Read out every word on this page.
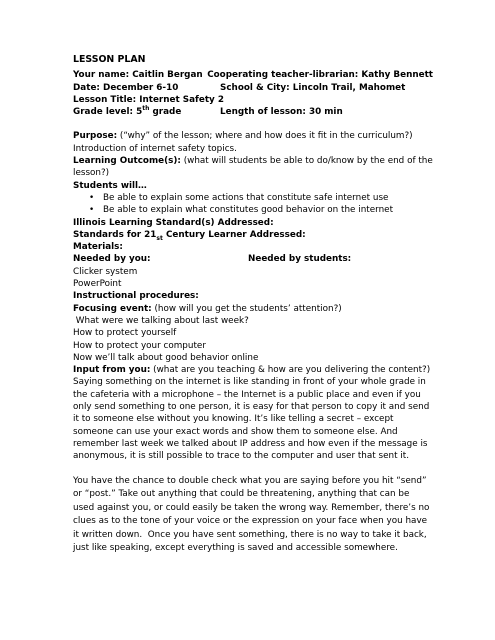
LESSON PLAN
Your name: Caitlin Bergan Cooperating teacher-librarian: Kathy Bennett
Date: December 6-10	School & City: Lincoln Trail, Mahomet
Lesson Title: Internet Safety 2
Grade level: 5th grade	Length of lesson: 30 min
Purpose: (“why” of the lesson; where and how does it fit in the curriculum?)
Introduction of internet safety topics.
Learning Outcome(s): (what will students be able to do/know by the end of the
lesson?)
Students will…
• Be able to explain some actions that constitute safe internet use
• Be able to explain what constitutes good behavior on the internet
Illinois Learning Standard(s) Addressed:
Standards for $21_{st}$ Century Learner Addressed:
Materials:
Needed by you:	Needed by students:
Clicker system
PowerPoint
Instructional procedures:
Focusing event: (how will you get the students’ attention?)
What were we talking about last week?
How to protect yourself
How to protect your computer
Now we’ll talk about good behavior online
Input from you: (what are you teaching & how are you delivering the content?)
Saying something on the internet is like standing in front of your whole grade in
the cafeteria with a microphone – the Internet is a public place and even if you
only send something to one person, it is easy for that person to copy it and send
it to someone else without you knowing. It’s like telling a secret – except
someone can use your exact words and show them to someone else. And
remember last week we talked about IP address and how even if the message is
anonymous, it is still possible to trace to the computer and user that sent it.
You have the chance to double check what you are saying before you hit “send”
or “post.” Take out anything that could be threatening, anything that can be
used against you, or could easily be taken the wrong way. Remember, there’s no
clues as to the tone of your voice or the expression on your face when you have
it written down.  Once you have sent something, there is no way to take it back,
just like speaking, except everything is saved and accessible somewhere.
